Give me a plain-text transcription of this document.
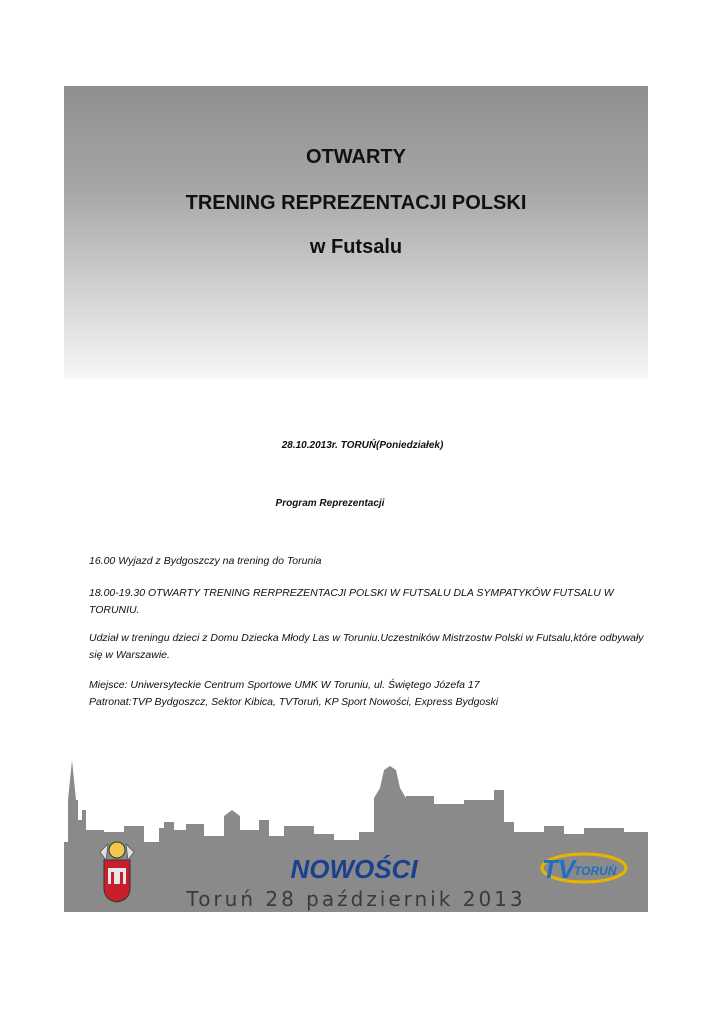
OTWARTY
TRENING REPREZENTACJI POLSKI
w Futsalu
28.10.2013r. TORUŃ(Poniedziałek)
Program Reprezentacji
16.00 Wyjazd z Bydgoszczy na trening do Torunia
18.00-19.30 OTWARTY TRENING RERPREZENTACJI POLSKI W FUTSALU DLA SYMPATYKÓW FUTSALU W TORUNIU.
Udział w treningu dzieci z Domu Dziecka Młody Las w Toruniu.Uczestników Mistrzostw Polski w Futsalu,które odbywały się w Warszawie.
Miejsce: Uniwersyteckie Centrum Sportowe UMK W Toruniu, ul. Świętego Józefa 17
Patronat:TVP Bydgoszcz, Sektor Kibica, TVToruń, KP Sport Nowości, Express Bydgoski
NOWOŚCI	TV
TORUŃ
Toruń 28 październik 2013
